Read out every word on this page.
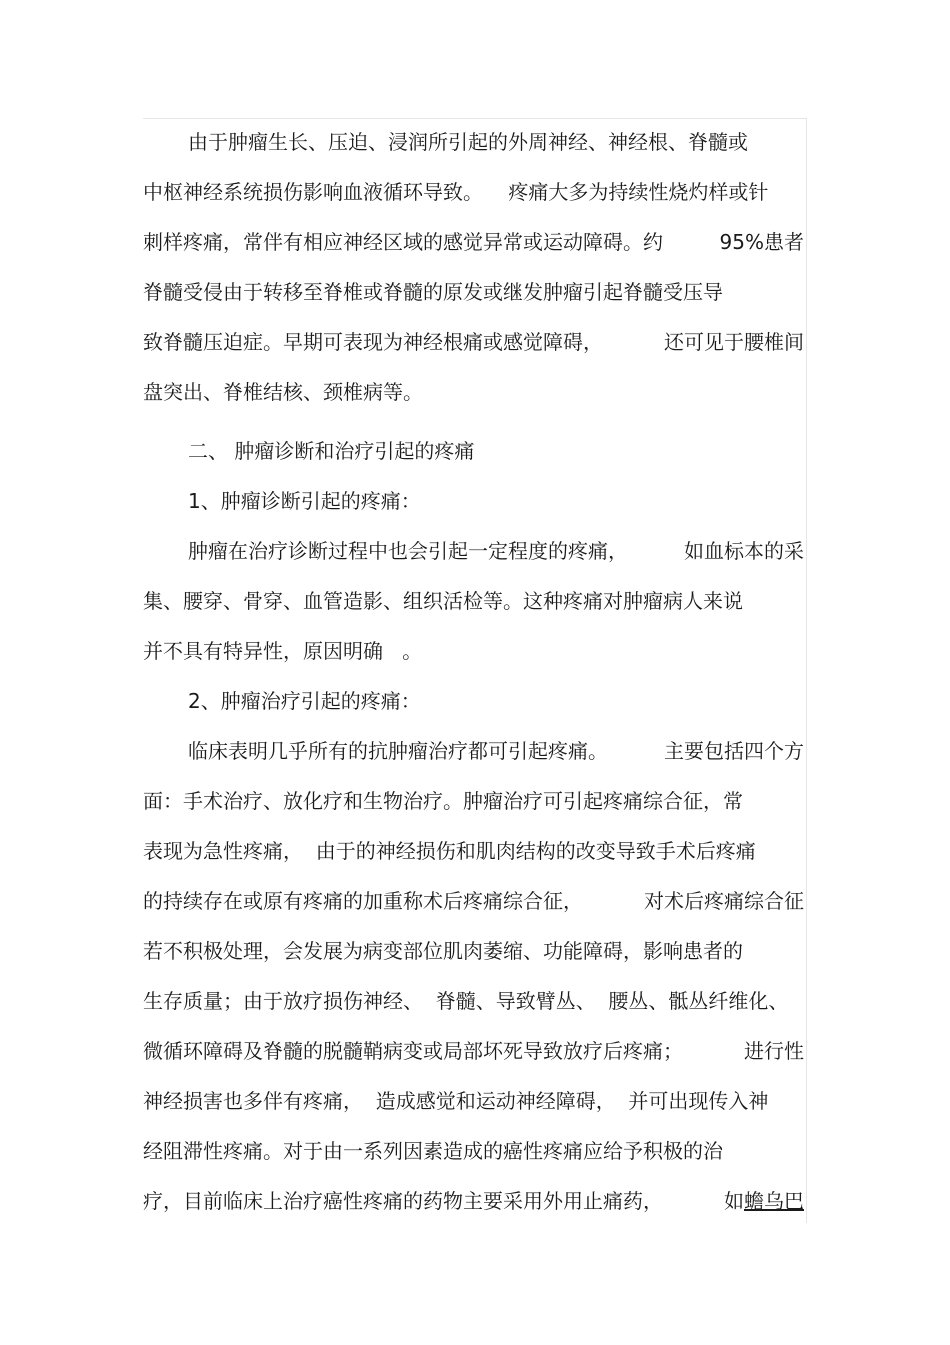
由于肿瘤生长、压迫、浸润所引起的外周神经、神经根、脊髓或
中枢神经系统损伤影响血液循环导致。    疼痛大多为持续性烧灼样或针
刺样疼痛，常伴有相应神经区域的感觉异常或运动障碍。约	95%患者
脊髓受侵由于转移至脊椎或脊髓的原发或继发肿瘤引起脊髓受压导
致脊髓压迫症。早期可表现为神经根痛或感觉障碍，	还可见于腰椎间
盘突出、脊椎结核、颈椎病等。
二、 肿瘤诊断和治疗引起的疼痛
1、肿瘤诊断引起的疼痛：
肿瘤在治疗诊断过程中也会引起一定程度的疼痛，	如血标本的采
集、腰穿、骨穿、血管造影、组织活检等。这种疼痛对肿瘤病人来说
并不具有特异性，原因明确   。
2、肿瘤治疗引起的疼痛：
临床表明几乎所有的抗肿瘤治疗都可引起疼痛。	主要包括四个方
面：手术治疗、放化疗和生物治疗。肿瘤治疗可引起疼痛综合征，常
表现为急性疼痛，  由于的神经损伤和肌肉结构的改变导致手术后疼痛
的持续存在或原有疼痛的加重称术后疼痛综合征，	对术后疼痛综合征
若不积极处理，会发展为病变部位肌肉萎缩、功能障碍，影响患者的
生存质量；由于放疗损伤神经、  脊髓、导致臂丛、  腰丛、骶丛纤维化、
微循环障碍及脊髓的脱髓鞘病变或局部坏死导致放疗后疼痛；	进行性
神经损害也多伴有疼痛，  造成感觉和运动神经障碍，  并可出现传入神
经阻滞性疼痛。对于由一系列因素造成的癌性疼痛应给予积极的治
疗，目前临床上治疗癌性疼痛的药物主要采用外用止痛药，	如蟾乌巴
